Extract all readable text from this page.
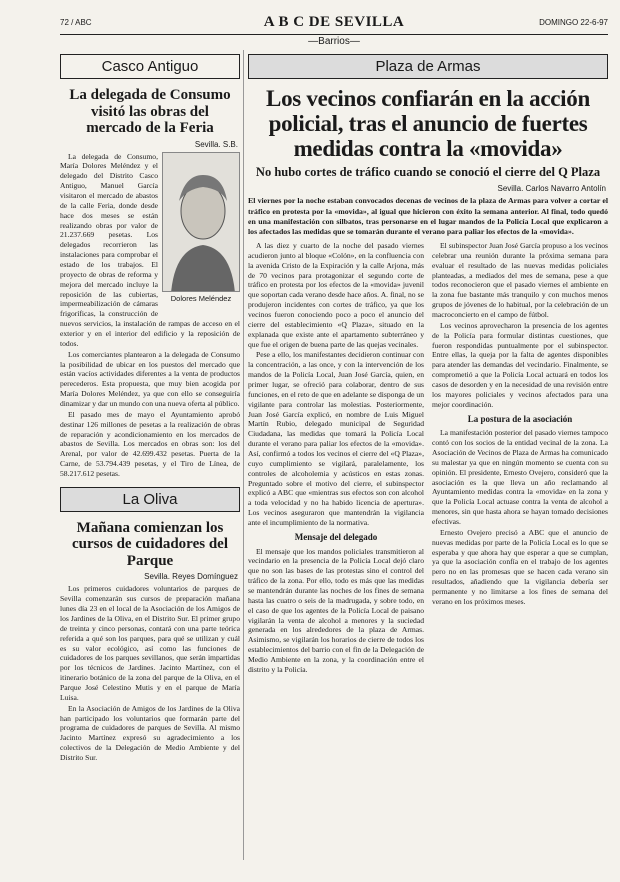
72 / ABC	A B C DE SEVILLA	DOMINGO 22-6-97
—Barrios—
Casco Antiguo
La delegada de Consumo visitó las obras del mercado de la Feria
Sevilla. S.B.
Dolores Meléndez

La delegada de Consumo, María Dolores Meléndez y el delegado del Distrito Casco Antiguo, Manuel García visitaron el mercado de abastos de la calle Feria, donde desde hace dos meses se están realizando obras por valor de 21.237.669 pesetas. Los delegados recorrieron las instalaciones para comprobar el estado de los trabajos. El proyecto de obras de reforma y mejora del mercado incluye la reposición de las cubiertas, impermeabilización de cámaras frigoríficas, la construcción de nuevos servicios, la instalación de rampas de acceso en el exterior y en el interior del edificio y la reposición de todos.

Los comerciantes plantearon a la delegada de Consumo la posibilidad de ubicar en los puestos del mercado que están vacíos actividades diferentes a la venta de productos perecederos. Esta propuesta, que muy bien acogida por María Dolores Meléndez, ya que con ello se conseguiría dinamizar y dar un mundo con una nueva oferta al público.

El pasado mes de mayo el Ayuntamiento aprobó destinar 126 millones de pesetas a la realización de obras de reparación y acondicionamiento en los mercados de abastos de Sevilla. Los mercados en obras son: los del Arenal, por valor de 42.699.432 pesetas. Puerta de la Carne, de 53.794.439 pesetas, y el Tiro de Línea, de 58.217.612 pesetas.

La Oliva
Mañana comienzan los cursos de cuidadores del Parque
Sevilla. Reyes Domínguez

Los primeros cuidadores voluntarios de parques de Sevilla comenzarán sus cursos de preparación mañana lunes día 23 en el local de la Asociación de los Amigos de los Jardines de la Oliva, en el Distrito Sur. El primer grupo de treinta y cinco personas, contará con una parte teórica referida a qué son los parques, para qué se utilizan y cuál es su valor ecológico, así como las funciones de cuidadores de los parques sevillanos, que serán impartidas por los técnicos de Jardines. Jacinto Martínez, con el itinerario botánico de la zona del parque de la Oliva, en el Parque José Celestino Mutis y en el parque de María Luisa.

En la Asociación de Amigos de los Jardines de la Oliva han participado los voluntarios que formarán parte del programa de cuidadores de parques de Sevilla. Al mismo Jacinto Martínez expresó su agradecimiento a los colectivos de la Delegación de Medio Ambiente y del Distrito Sur.

Plaza de Armas
Los vecinos confiarán en la acción policial, tras el anuncio de fuertes medidas contra la «movida»
No hubo cortes de tráfico cuando se conoció el cierre del Q Plaza
Sevilla. Carlos Navarro Antolín
El viernes por la noche estaban convocados decenas de vecinos de la plaza de Armas para volver a cortar el tráfico en protesta por la «movida», al igual que hicieron con éxito la semana anterior. Al final, todo quedó en una manifestación con silbatos, tras personarse en el lugar mandos de la Policía Local que explicaron a los afectados las medidas que se tomarán durante el verano para paliar los efectos de la «movida».

A las diez y cuarto de la noche del pasado viernes acudieron junto al bloque «Colón», en la confluencia con la avenida Cristo de la Expiración y la calle Arjona, más de 70 vecinos para protagonizar el segundo corte de tráfico en protesta por los efectos de la «movida» juvenil que soportan cada verano desde hace años. A. final, no se produjeron incidentes con cortes de tráfico, ya que los vecinos fueron conociendo poco a poco el anuncio del cierre del establecimiento «Q Plaza», situado en la explanada que existe ante el apartamento subterráneo y que fue el origen de buena parte de las quejas vecinales.

Pese a ello, los manifestantes decidieron continuar con la concentración, a las once, y con la intervención de los mandos de la Policía Local, Juan José García, quien, en primer lugar, se ofreció para colaborar, dentro de sus funciones, en el reto de que en adelante se disponga de un vigilante para controlar las molestias. Posteriormente, Juan José García explicó, en nombre de Luis Miguel Martín Rubio, delegado municipal de Seguridad Ciudadana, las medidas que tomará la Policía Local durante el verano para paliar los efectos de la «movida». Así, confirmó a todos los vecinos el cierre del «Q Plaza», cuyo cumplimiento se vigilará, paralelamente, los controles de alcoholemia y acústicos en estas zonas. Preguntado sobre el motivo del cierre, el subinspector explicó a ABC que «mientras sus efectos son con alcohol a toda velocidad y no ha habido licencia de apertura». Los vecinos aseguraron que mantendrán la vigilancia ante el incumplimiento de la normativa.

Mensaje del delegado

El mensaje que los mandos policiales transmitieron al vecindario en la presencia de la Policía Local dejó claro que no son las bases de las protestas sino el control del tráfico de la zona. Por ello, todo es más que las medidas se mantendrán durante las noches de los fines de semana hasta las cuatro o seis de la madrugada, y sobre todo, en el caso de que los agentes de la Policía Local de paisano vigilarán la venta de alcohol a menores y la suciedad generada en los alrededores de la plaza de Armas. Asimismo, se vigilarán los horarios de cierre de todos los establecimientos del barrio con el fin de la Delegación de Medio Ambiente en la zona, y la coordinación entre el distrito y la Policía.

El subinspector Juan José García propuso a los vecinos celebrar una reunión durante la próxima semana para evaluar el resultado de las nuevas medidas policiales planteadas, a mediados del mes de semana, pese a que todos reconocieron que el pasado viernes el ambiente en la zona fue bastante más tranquilo y con muchos menos grupos de jóvenes de lo habitual, por la celebración de un macroconcierto en el campo de fútbol.

Los vecinos aprovecharon la presencia de los agentes de la Policía para formular distintas cuestiones, que fueron respondidas puntualmente por el subinspector. Entre ellas, la queja por la falta de agentes disponibles para atender las demandas del vecindario. Finalmente, se comprometió a que la Policía Local actuará en todos los casos de desorden y en la necesidad de una revisión entre los mayores policiales y vecinos afectados para una mejor coordinación.

La postura de la asociación

La manifestación posterior del pasado viernes tampoco contó con los socios de la entidad vecinal de la zona. La Asociación de Vecinos de Plaza de Armas ha comunicado su malestar ya que en ningún momento se cuenta con su opinión. El presidente, Ernesto Ovejero, consideró que la asociación es la que lleva un año reclamando al Ayuntamiento medidas contra la «movida» en la zona y que la Policía Local actuase contra la venta de alcohol a menores, sin que hasta ahora se hayan tomado decisiones efectivas.

Ernesto Ovejero precisó a ABC que el anuncio de nuevas medidas por parte de la Policía Local es lo que se esperaba y que ahora hay que esperar a que se cumplan, ya que la asociación confía en el trabajo de los agentes pero no en las promesas que se hacen cada verano sin resultados, añadiendo que la vigilancia debería ser permanente y no limitarse a los fines de semana del verano en los próximos meses.
